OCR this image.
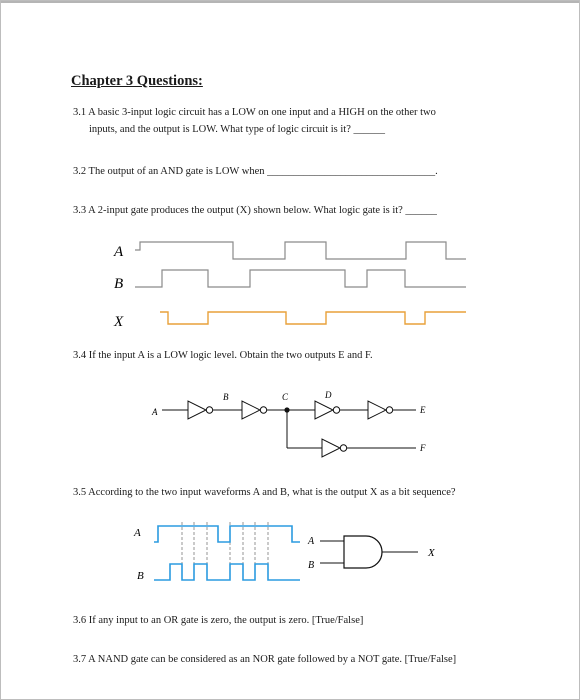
Chapter 3 Questions:
3.1 A basic 3-input logic circuit has a LOW on one input and a HIGH on the other two
inputs, and the output is LOW. What type of logic circuit is it? ______
3.2 The output of an AND gate is LOW when ________________________________.
3.3 A 2-input gate produces the output (X) shown below. What logic gate is it? ______
A
B
X
3.4 If the input A is a LOW logic level. Obtain the two outputs E and F.
A
B	C	D
E
F
3.5 According to the two input waveforms A and B, what is the output X as a bit sequence?
A
B
A
B
X
3.6 If any input to an OR gate is zero, the output is zero. [True/False]
3.7 A NAND gate can be considered as an NOR gate followed by a NOT gate. [True/False]
